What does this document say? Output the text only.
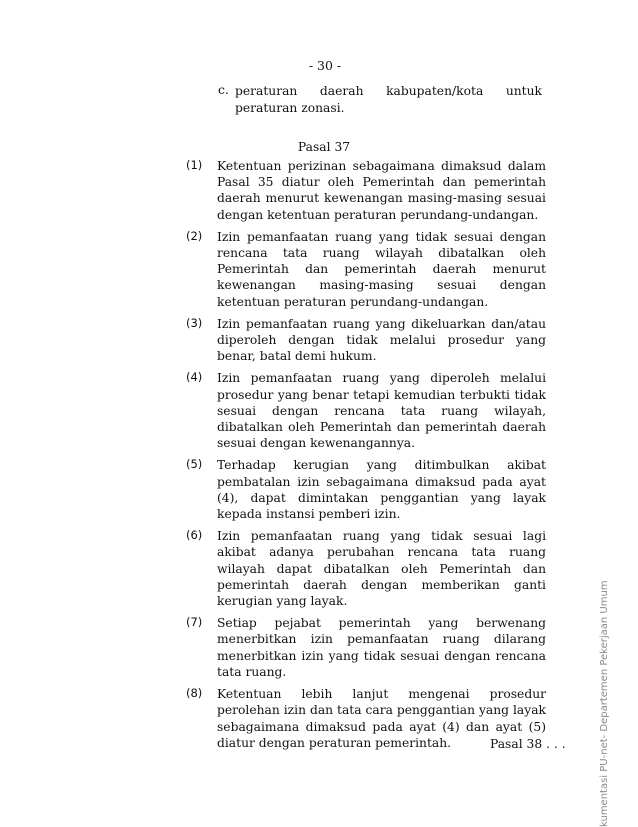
- 30 -
c. peraturan daerah kabupaten/kota untuk
peraturan zonasi.
Pasal 37
(1) Ketentuan perizinan sebagaimana dimaksud dalam Pasal 35 diatur oleh Pemerintah dan pemerintah daerah menurut kewenangan masing-masing sesuai dengan ketentuan peraturan perundang-undangan.
(2) Izin pemanfaatan ruang yang tidak sesuai dengan rencana tata ruang wilayah dibatalkan oleh Pemerintah dan pemerintah daerah menurut kewenangan masing-masing sesuai dengan ketentuan peraturan perundang-undangan.
(3) Izin pemanfaatan ruang yang dikeluarkan dan/atau diperoleh dengan tidak melalui prosedur yang benar, batal demi hukum.
(4) Izin pemanfaatan ruang yang diperoleh melalui prosedur yang benar tetapi kemudian terbukti tidak sesuai dengan rencana tata ruang wilayah, dibatalkan oleh Pemerintah dan pemerintah daerah sesuai dengan kewenangannya.
(5) Terhadap kerugian yang ditimbulkan akibat pembatalan izin sebagaimana dimaksud pada ayat (4), dapat dimintakan penggantian yang layak kepada instansi pemberi izin.
(6) Izin pemanfaatan ruang yang tidak sesuai lagi akibat adanya perubahan rencana tata ruang wilayah dapat dibatalkan oleh Pemerintah dan pemerintah daerah dengan memberikan ganti kerugian yang layak.
(7) Setiap pejabat pemerintah yang berwenang menerbitkan izin pemanfaatan ruang dilarang menerbitkan izin yang tidak sesuai dengan rencana tata ruang.
(8) Ketentuan lebih lanjut mengenai prosedur perolehan izin dan tata cara penggantian yang layak sebagaimana dimaksud pada ayat (4) dan ayat (5) diatur dengan peraturan pemerintah.	Pasal 38 . . .	kumentasi PU-net- Departemen Pekerjaan Umum
